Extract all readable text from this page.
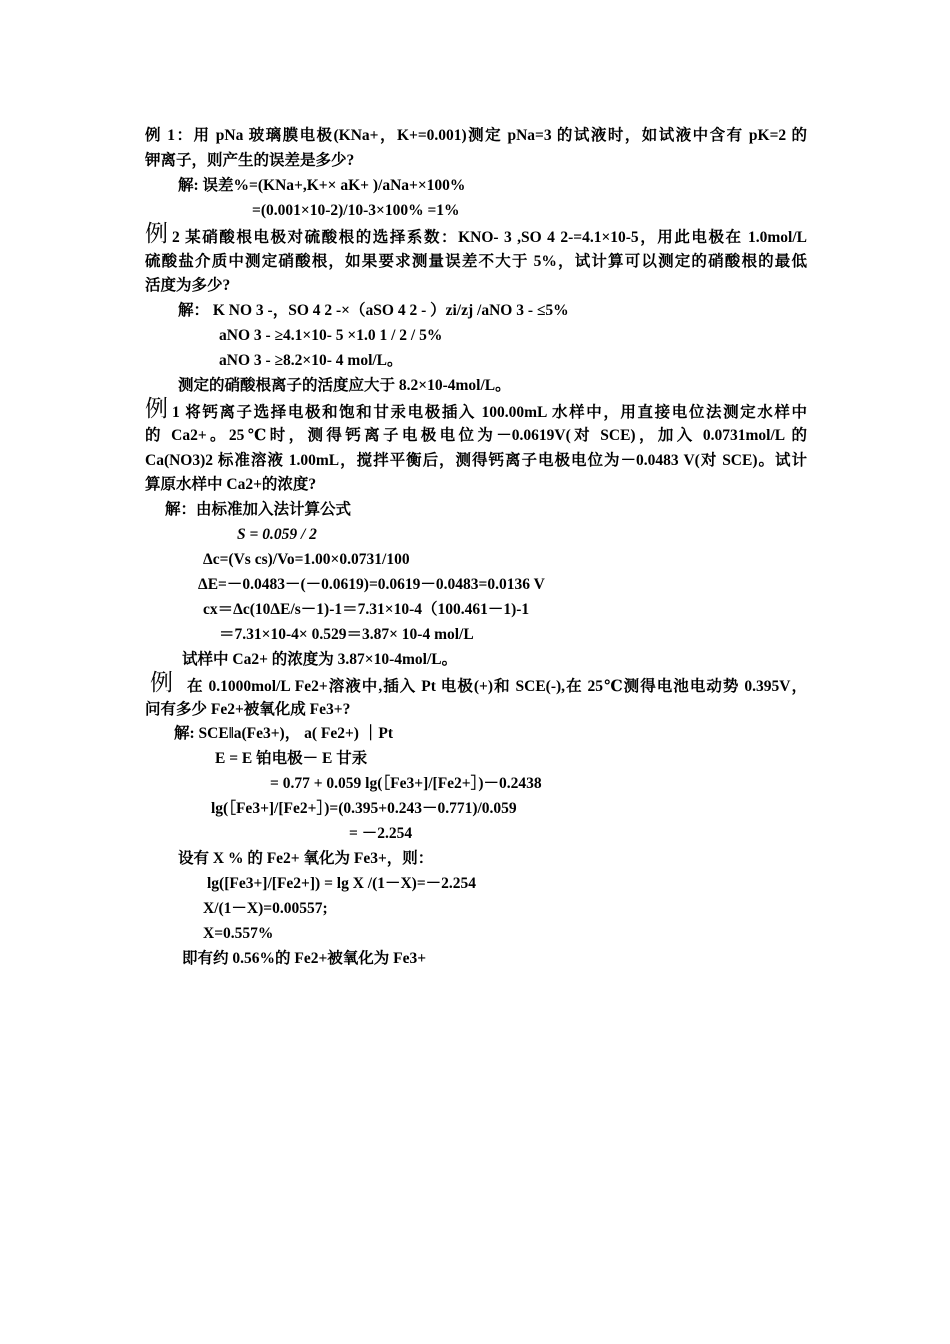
例 1：用 pNa 玻璃膜电极(KNa+，K+=0.001)测定 pNa=3 的试液时，如试液中含有 pK=2 的
钾离子，则产生的误差是多少?
解: 误差%=(KNa+,K+× aK+ )/aNa+×100%
=(0.001×10-2)/10-3×100% =1%
例 2 某硝酸根电极对硫酸根的选择系数：KNO- 3 ,SO 4 2-=4.1×10-5，用此电极在 1.0mol/L
硫酸盐介质中测定硝酸根，如果要求测量误差不大于 5%，试计算可以测定的硝酸根的最低
活度为多少?
解： K NO 3 -，SO 4 2 -×（aSO 4 2 - ）zi/zj /aNO 3 - ≤5%
aNO 3 - ≥4.1×10- 5 ×1.0 1 / 2 / 5%
aNO 3 - ≥8.2×10- 4 mol/L。
测定的硝酸根离子的活度应大于 8.2×10-4mol/L。
例 1 将钙离子选择电极和饱和甘汞电极插入 100.00mL 水样中，用直接电位法测定水样中
的 Ca2+。25℃时，测得钙离子电极电位为－0.0619V(对 SCE)，加入 0.0731mol/L 的
Ca(NO3)2 标准溶液 1.00mL，搅拌平衡后，测得钙离子电极电位为－0.0483 V(对 SCE)。试计
算原水样中 Ca2+的浓度?
解：由标准加入法计算公式
S = 0.059 / 2
Δc=(Vs cs)/Vo=1.00×0.0731/100
ΔE=－0.0483－(－0.0619)=0.0619－0.0483=0.0136 V
cx＝Δc(10ΔE/s－1)-1＝7.31×10-4（100.461－1)-1
＝7.31×10-4× 0.529＝3.87× 10-4 mol/L
试样中 Ca2+ 的浓度为 3.87×10-4mol/L。
例 在 0.1000mol/L Fe2+溶液中,插入 Pt 电极(+)和 SCE(-),在 25℃测得电池电动势 0.395V，
问有多少 Fe2+被氧化成 Fe3+?
解: SCE‖a(Fe3+)， a( Fe2+) ｜Pt
E = E 铂电极－ E 甘汞
= 0.77 + 0.059 lg(［Fe3+]/[Fe2+］)－0.2438
lg(［Fe3+]/[Fe2+］)=(0.395+0.243－0.771)/0.059
= －2.254
设有 X % 的 Fe2+ 氧化为 Fe3+，则：
lg([Fe3+]/[Fe2+]) = lg X /(1－X)=－2.254
X/(1－X)=0.00557;
X=0.557%
即有约 0.56%的 Fe2+被氧化为 Fe3+
